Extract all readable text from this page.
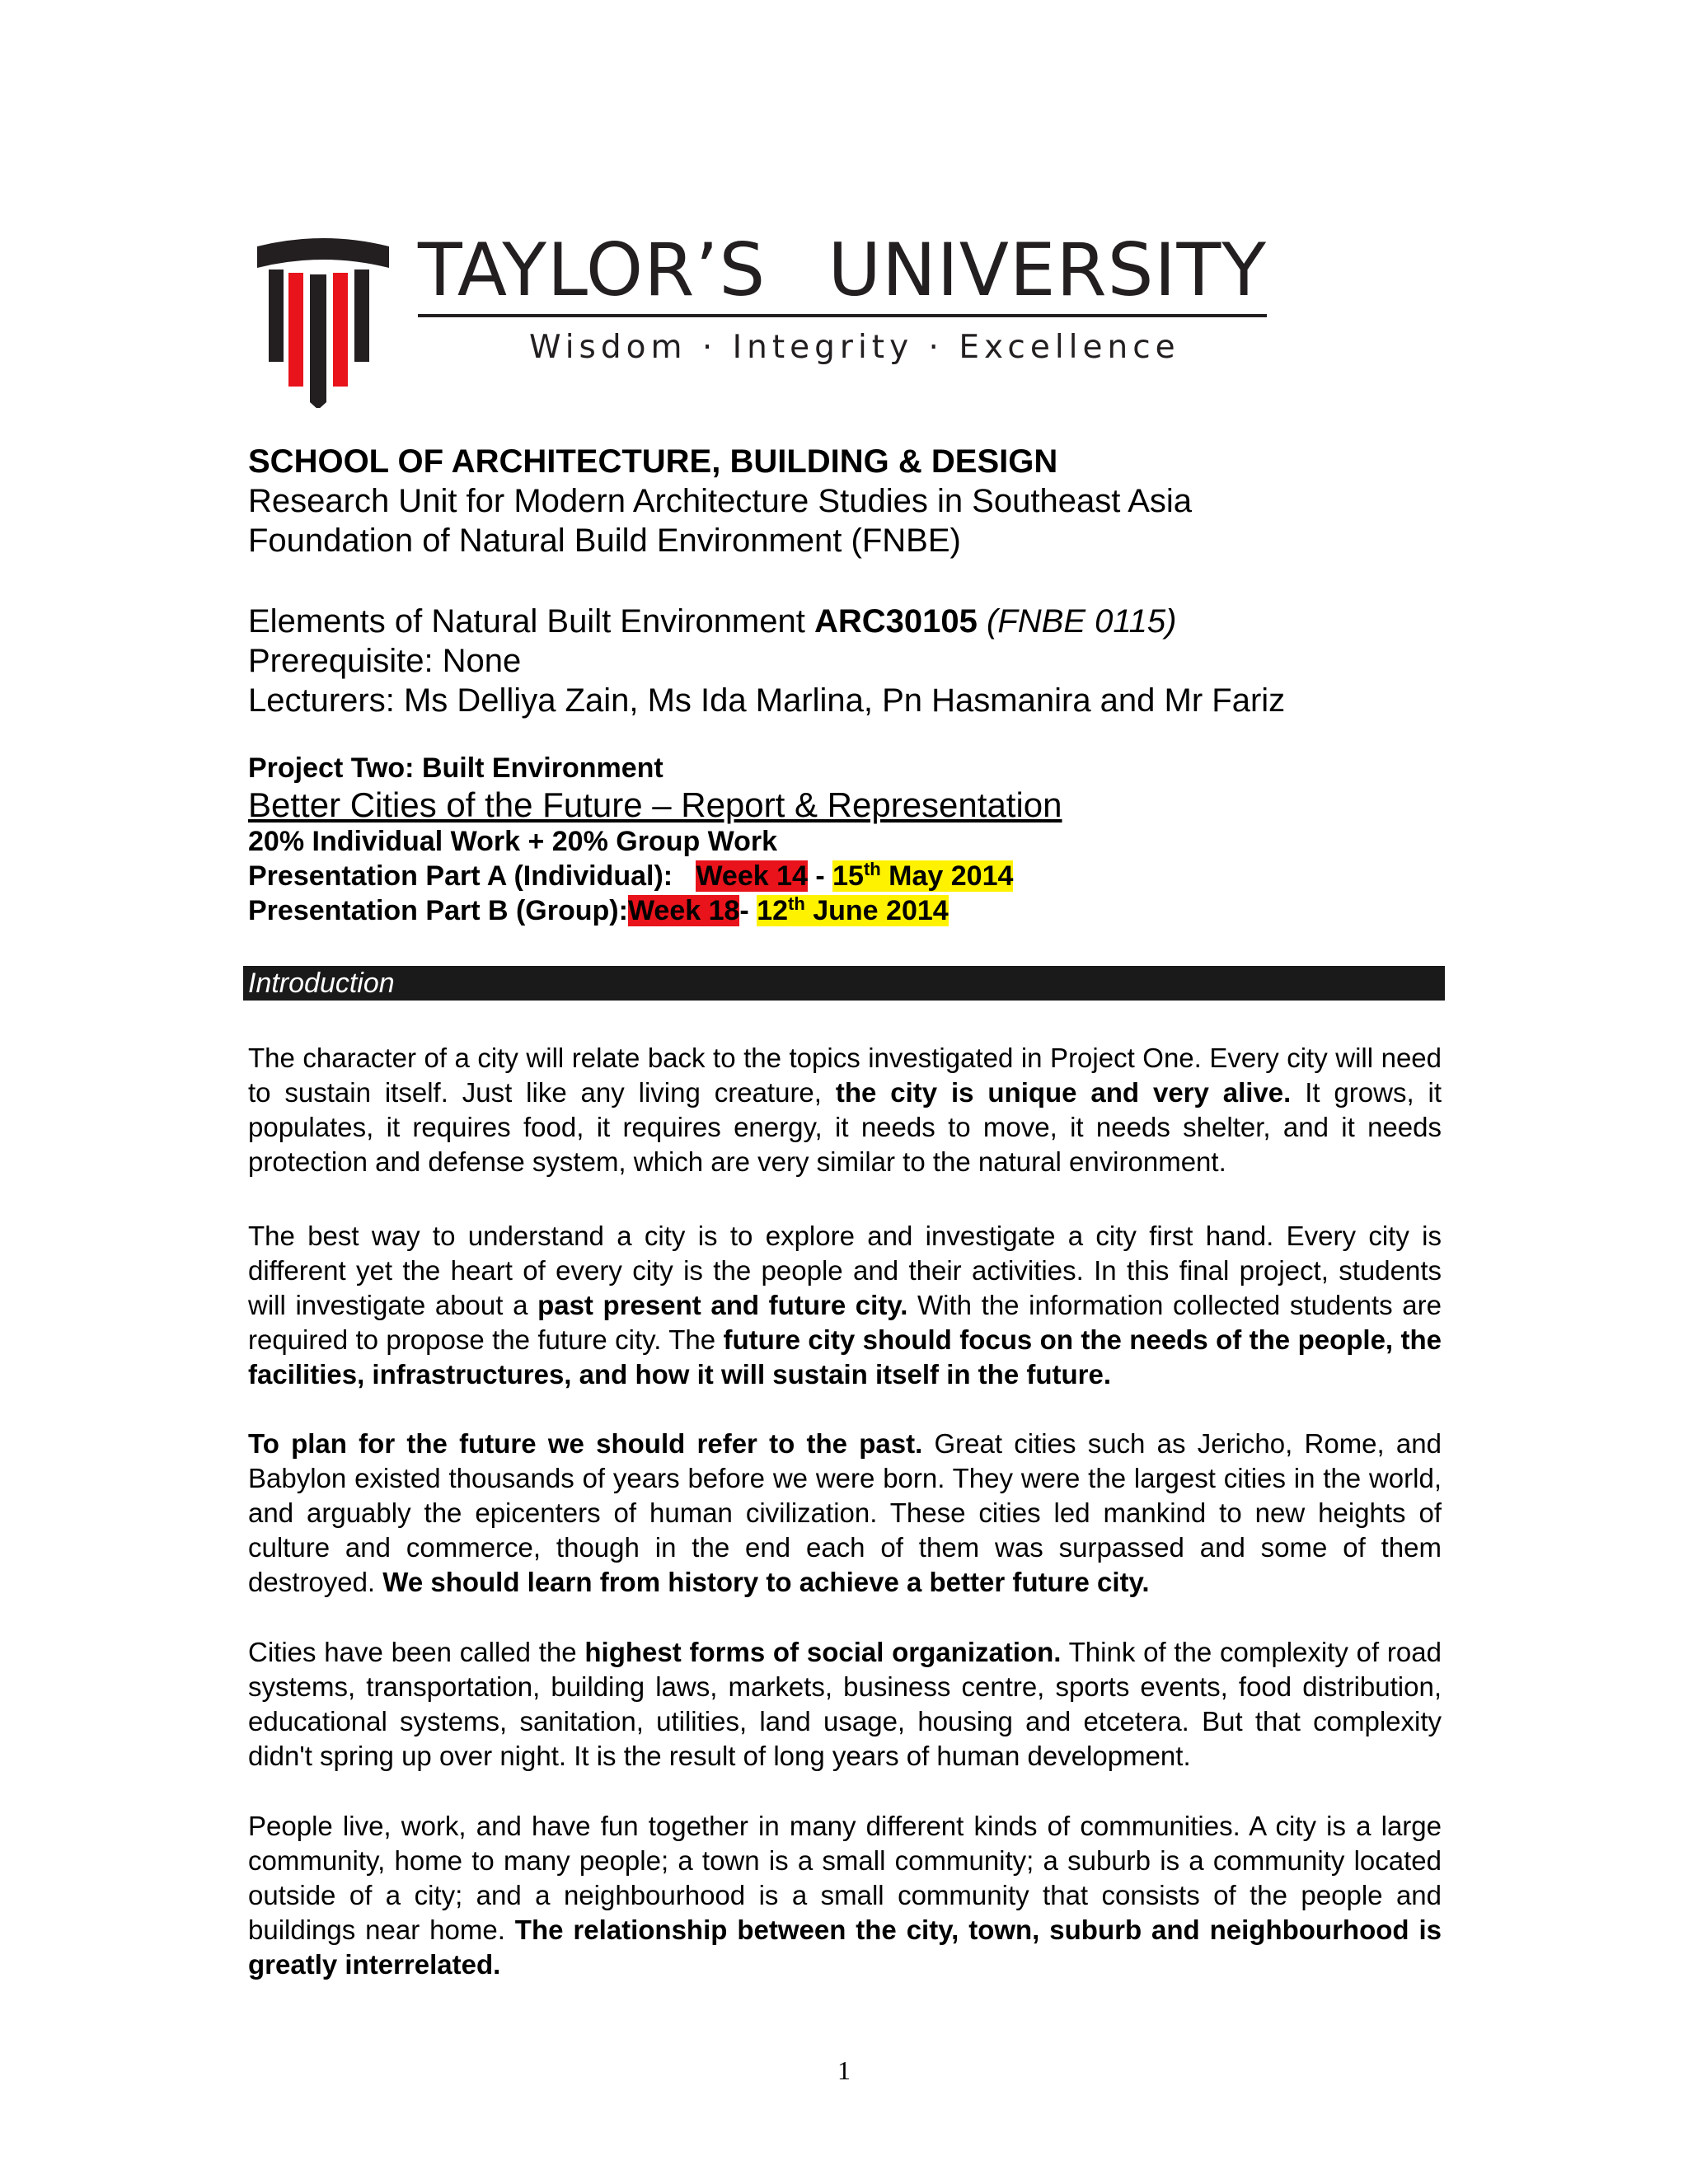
TAYLOR’S UNIVERSITY
Wisdom · Integrity · Excellence
SCHOOL OF ARCHITECTURE, BUILDING & DESIGN
Research Unit for Modern Architecture Studies in Southeast Asia
Foundation of Natural Build Environment (FNBE)
Elements of Natural Built Environment ARC30105 (FNBE 0115)
Prerequisite: None
Lecturers: Ms Delliya Zain, Ms Ida Marlina, Pn Hasmanira and Mr Fariz
Project Two: Built Environment
Better Cities of the Future – Report & Representation
20% Individual Work + 20% Group Work
Presentation Part A (Individual): Week 14 - 15th May 2014
Presentation Part B (Group):Week 18- 12th June 2014
Introduction
The character of a city will relate back to the topics investigated in Project One. Every city will need to sustain itself. Just like any living creature, the city is unique and very alive. It grows, it populates, it requires food, it requires energy, it needs to move, it needs shelter, and it needs protection and defense system, which are very similar to the natural environment.
The best way to understand a city is to explore and investigate a city first hand. Every city is different yet the heart of every city is the people and their activities. In this final project, students will investigate about a past present and future city. With the information collected students are required to propose the future city. The future city should focus on the needs of the people, the facilities, infrastructures, and how it will sustain itself in the future.
To plan for the future we should refer to the past. Great cities such as Jericho, Rome, and Babylon existed thousands of years before we were born. They were the largest cities in the world, and arguably the epicenters of human civilization. These cities led mankind to new heights of culture and commerce, though in the end each of them was surpassed and some of them destroyed. We should learn from history to achieve a better future city.
Cities have been called the highest forms of social organization. Think of the complexity of road systems, transportation, building laws, markets, business centre, sports events, food distribution, educational systems, sanitation, utilities, land usage, housing and etcetera. But that complexity didn't spring up over night. It is the result of long years of human development.
People live, work, and have fun together in many different kinds of communities. A city is a large community, home to many people; a town is a small community; a suburb is a community located outside of a city; and a neighbourhood is a small community that consists of the people and buildings near home. The relationship between the city, town, suburb and neighbourhood is greatly interrelated.
1
